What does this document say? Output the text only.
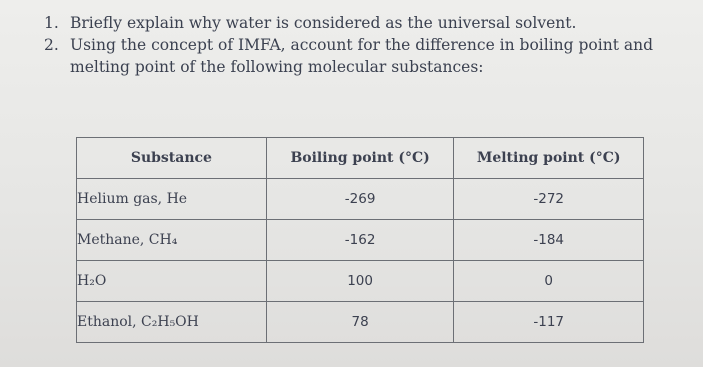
1. Briefly explain why water is considered as the universal solvent.
2. Using the concept of IMFA, account for the difference in boiling point and melting point of the following molecular substances:
Substance	Boiling point (°C)	Melting point (°C)
Helium gas, He	-269	-272
Methane, CH₄	-162	-184
H₂O	100	0
Ethanol, C₂H₅OH	78	-117
